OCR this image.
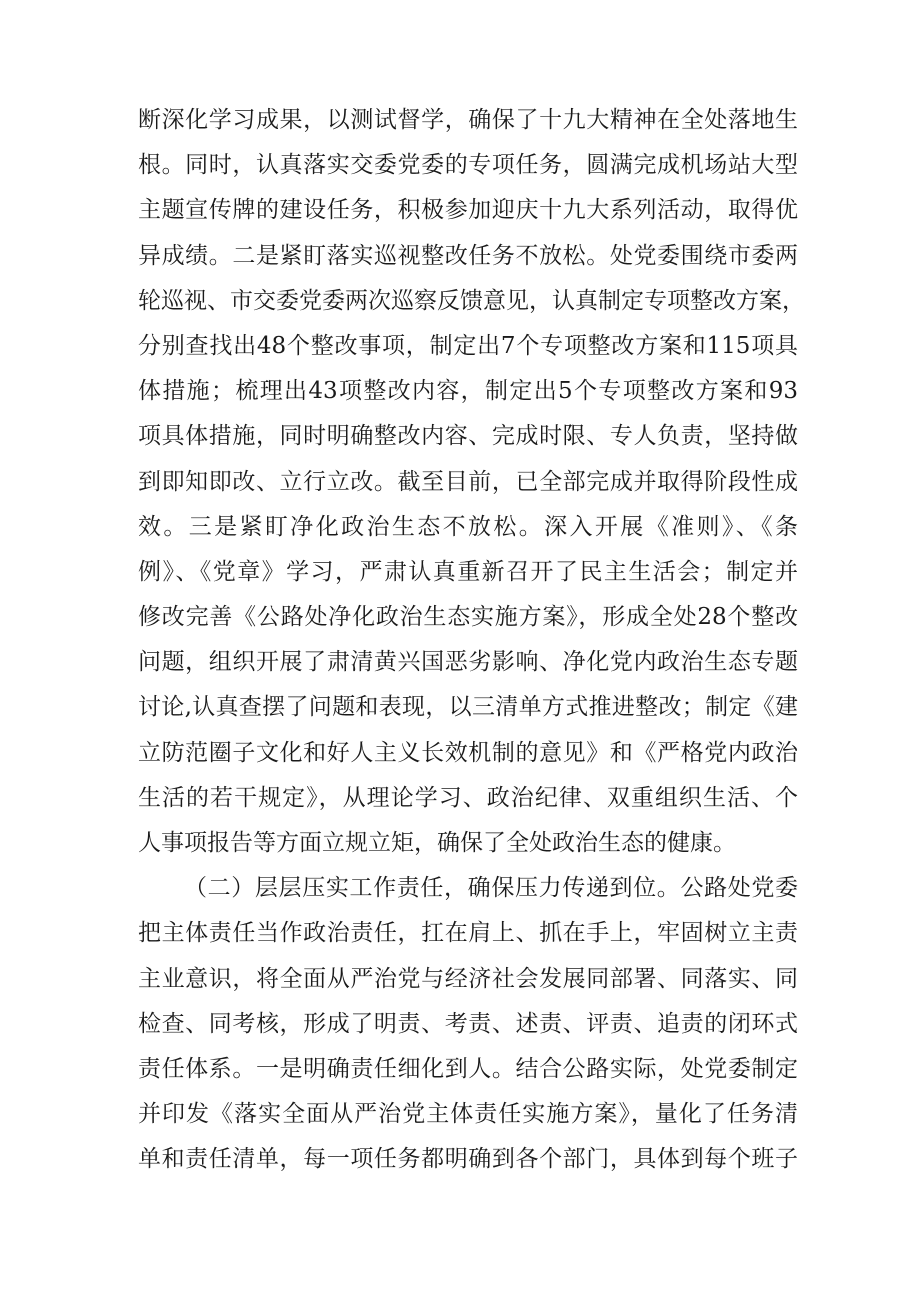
断深化学习成果，以测试督学，确保了十九大精神在全处落地生
根。同时，认真落实交委党委的专项任务，圆满完成机场站大型
主题宣传牌的建设任务，积极参加迎庆十九大系列活动，取得优
异成绩。二是紧盯落实巡视整改任务不放松。处党委围绕市委两
轮巡视、市交委党委两次巡察反馈意见，认真制定专项整改方案，
分别查找出48个整改事项，制定出7个专项整改方案和115项具
体措施；梳理出43项整改内容，制定出5个专项整改方案和93
项具体措施，同时明确整改内容、完成时限、专人负责，坚持做
到即知即改、立行立改。截至目前，已全部完成并取得阶段性成
效。三是紧盯净化政治生态不放松。深入开展《准则》、《条
例》、《党章》学习，严肃认真重新召开了民主生活会；制定并
修改完善《公路处净化政治生态实施方案》，形成全处28个整改
问题，组织开展了肃清黄兴国恶劣影响、净化党内政治生态专题
讨论,认真查摆了问题和表现，以三清单方式推进整改；制定《建
立防范圈子文化和好人主义长效机制的意见》和《严格党内政治
生活的若干规定》，从理论学习、政治纪律、双重组织生活、个
人事项报告等方面立规立矩，确保了全处政治生态的健康。
（二）层层压实工作责任，确保压力传递到位。公路处党委
把主体责任当作政治责任，扛在肩上、抓在手上，牢固树立主责
主业意识，将全面从严治党与经济社会发展同部署、同落实、同
检查、同考核，形成了明责、考责、述责、评责、追责的闭环式
责任体系。一是明确责任细化到人。结合公路实际，处党委制定
并印发《落实全面从严治党主体责任实施方案》，量化了任务清
单和责任清单，每一项任务都明确到各个部门，具体到每个班子
